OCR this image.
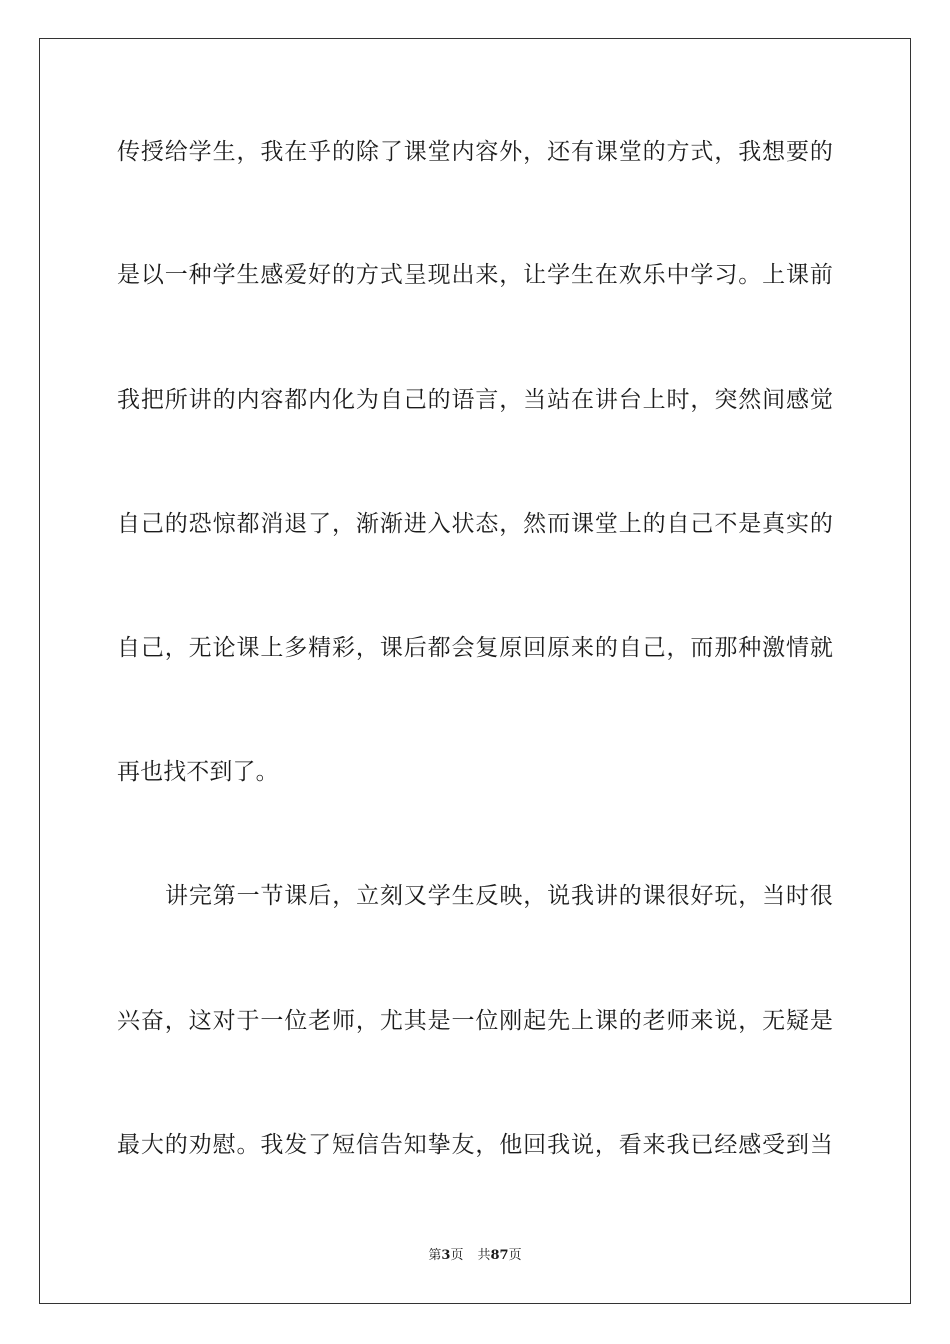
传授给学生，我在乎的除了课堂内容外，还有课堂的方式，我想要的
是以一种学生感爱好的方式呈现出来，让学生在欢乐中学习。上课前
我把所讲的内容都内化为自己的语言，当站在讲台上时，突然间感觉
自己的恐惊都消退了，渐渐进入状态，然而课堂上的自己不是真实的
自己，无论课上多精彩，课后都会复原回原来的自己，而那种激情就
再也找不到了。
讲完第一节课后，立刻又学生反映，说我讲的课很好玩，当时很
兴奋，这对于一位老师，尤其是一位刚起先上课的老师来说，无疑是
最大的劝慰。我发了短信告知挚友，他回我说，看来我已经感受到当
第3页 共87页
